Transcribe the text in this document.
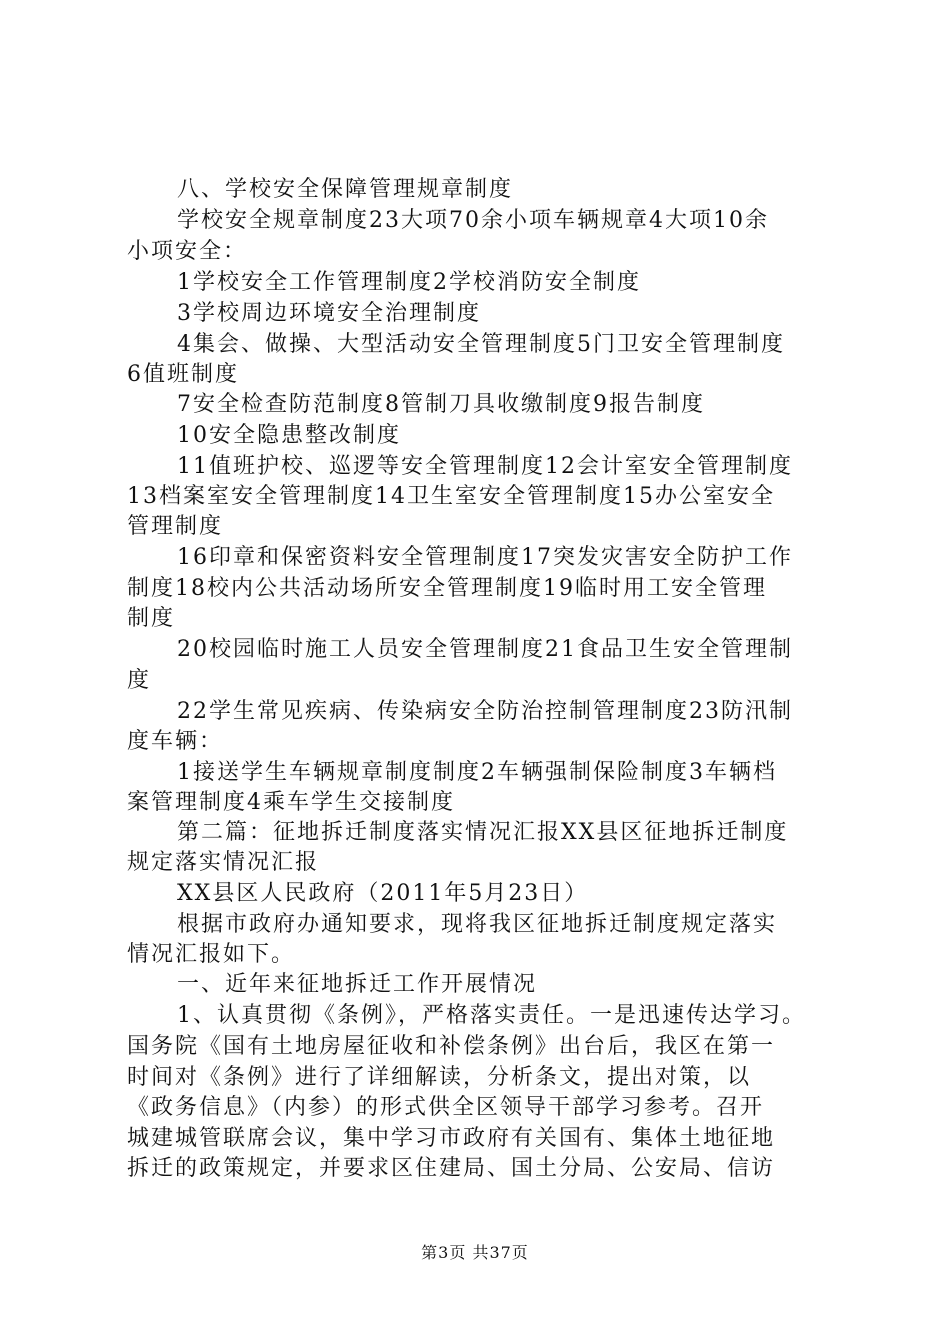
八、学校安全保障管理规章制度
学校安全规章制度23大项70余小项车辆规章4大项10余
小项安全：
1学校安全工作管理制度2学校消防安全制度
3学校周边环境安全治理制度
4集会、做操、大型活动安全管理制度5门卫安全管理制度
6值班制度
7安全检查防范制度8管制刀具收缴制度9报告制度
10安全隐患整改制度
11值班护校、巡逻等安全管理制度12会计室安全管理制度
13档案室安全管理制度14卫生室安全管理制度15办公室安全
管理制度
16印章和保密资料安全管理制度17突发灾害安全防护工作
制度18校内公共活动场所安全管理制度19临时用工安全管理
制度
20校园临时施工人员安全管理制度21食品卫生安全管理制
度
22学生常见疾病、传染病安全防治控制管理制度23防汛制
度车辆：
1接送学生车辆规章制度制度2车辆强制保险制度3车辆档
案管理制度4乘车学生交接制度
第二篇：征地拆迁制度落实情况汇报XX县区征地拆迁制度
规定落实情况汇报
XX县区人民政府（2011年5月23日）
根据市政府办通知要求，现将我区征地拆迁制度规定落实
情况汇报如下。
一、近年来征地拆迁工作开展情况
1、认真贯彻《条例》，严格落实责任。一是迅速传达学习。
国务院《国有土地房屋征收和补偿条例》出台后，我区在第一
时间对《条例》进行了详细解读，分析条文，提出对策，以
《政务信息》（内参）的形式供全区领导干部学习参考。召开
城建城管联席会议，集中学习市政府有关国有、集体土地征地
拆迁的政策规定，并要求区住建局、国土分局、公安局、信访
第3页 共37页
